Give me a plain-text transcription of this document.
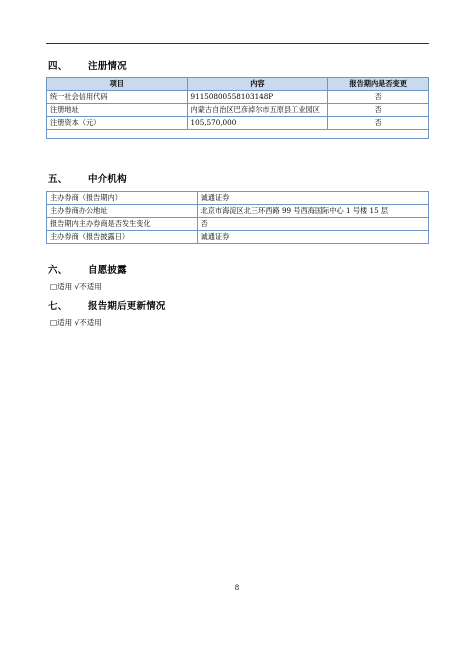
四、 注册情况
项目	内容	报告期内是否变更
统一社会信用代码	91150800558103148P	否
注册地址	内蒙古自治区巴彦淖尔市五原县工业园区	否
注册资本（元）	105,570,000	否

五、 中介机构
主办券商（报告期内）	诚通证券
主办券商办公地址	北京市海淀区北三环西路 99 号西海国际中心 1 号楼 15 层
报告期内主办券商是否发生变化	否
主办券商（报告披露日）	诚通证券
六、 自愿披露
□适用 √不适用
七、 报告期后更新情况
□适用 √不适用
8
